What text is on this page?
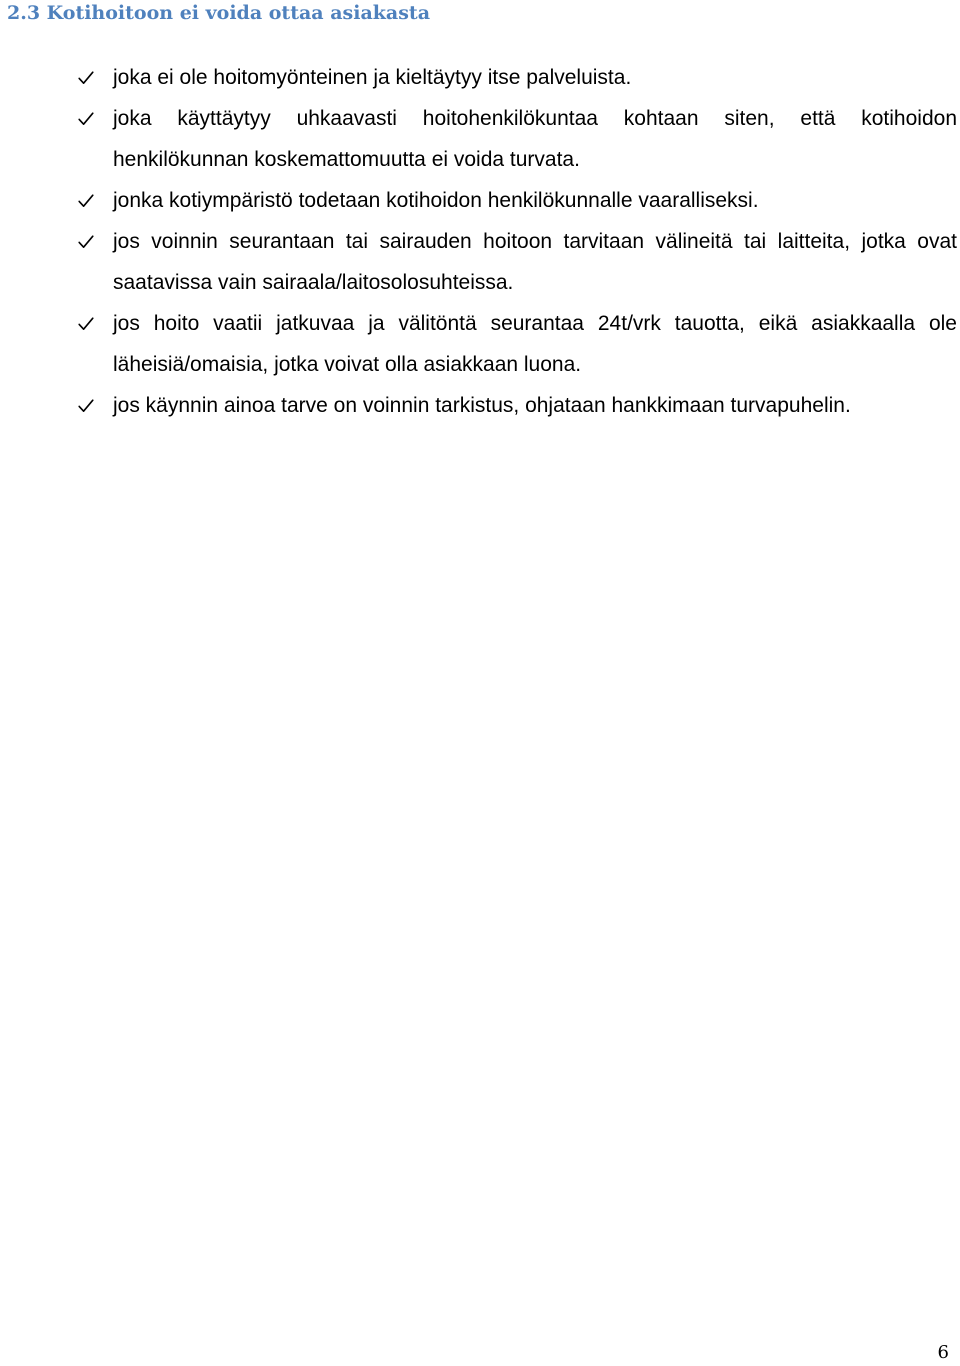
2.3 Kotihoitoon ei voida ottaa asiakasta
joka ei ole hoitomyönteinen ja kieltäytyy itse palveluista.
joka käyttäytyy uhkaavasti hoitohenkilökuntaa kohtaan siten, että kotihoidon henkilökunnan koskemattomuutta ei voida turvata.
jonka kotiympäristö todetaan kotihoidon henkilökunnalle vaaralliseksi.
jos voinnin seurantaan tai sairauden hoitoon tarvitaan välineitä tai laitteita, jotka ovat saatavissa vain sairaala/laitosolosuhteissa.
jos hoito vaatii jatkuvaa ja välitöntä seurantaa 24t/vrk tauotta, eikä asiakkaalla ole läheisiä/omaisia, jotka voivat olla asiakkaan luona.
jos käynnin ainoa tarve on voinnin tarkistus, ohjataan hankkimaan turvapuhelin.
6
